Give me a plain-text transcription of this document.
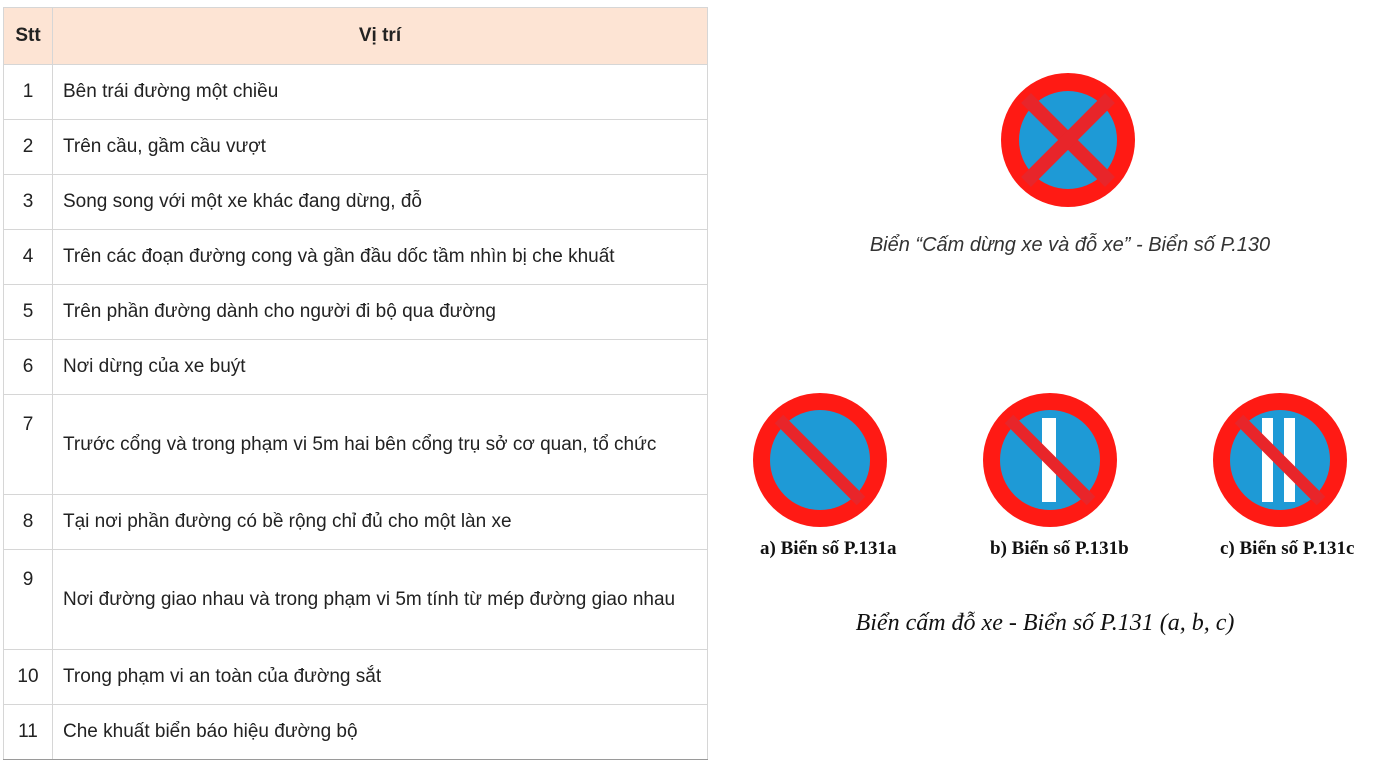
Stt	Vị trí
1	Bên trái đường một chiều
2	Trên cầu, gầm cầu vượt
3	Song song với một xe khác đang dừng, đỗ
4	Trên các đoạn đường cong và gần đầu dốc tầm nhìn bị che khuất
5	Trên phần đường dành cho người đi bộ qua đường
6	Nơi dừng của xe buýt
7	Trước cổng và trong phạm vi 5m hai bên cổng trụ sở cơ quan, tổ chức
8	Tại nơi phần đường có bề rộng chỉ đủ cho một làn xe
9	Nơi đường giao nhau và trong phạm vi 5m tính từ mép đường giao nhau
10	Trong phạm vi an toàn của đường sắt
11	Che khuất biển báo hiệu đường bộ
Biển “Cấm dừng xe và đỗ xe” - Biển số P.130
a) Biển số P.131a	b) Biển số P.131b	c) Biển số P.131c
Biển cấm đỗ xe - Biển số P.131 (a, b, c)
